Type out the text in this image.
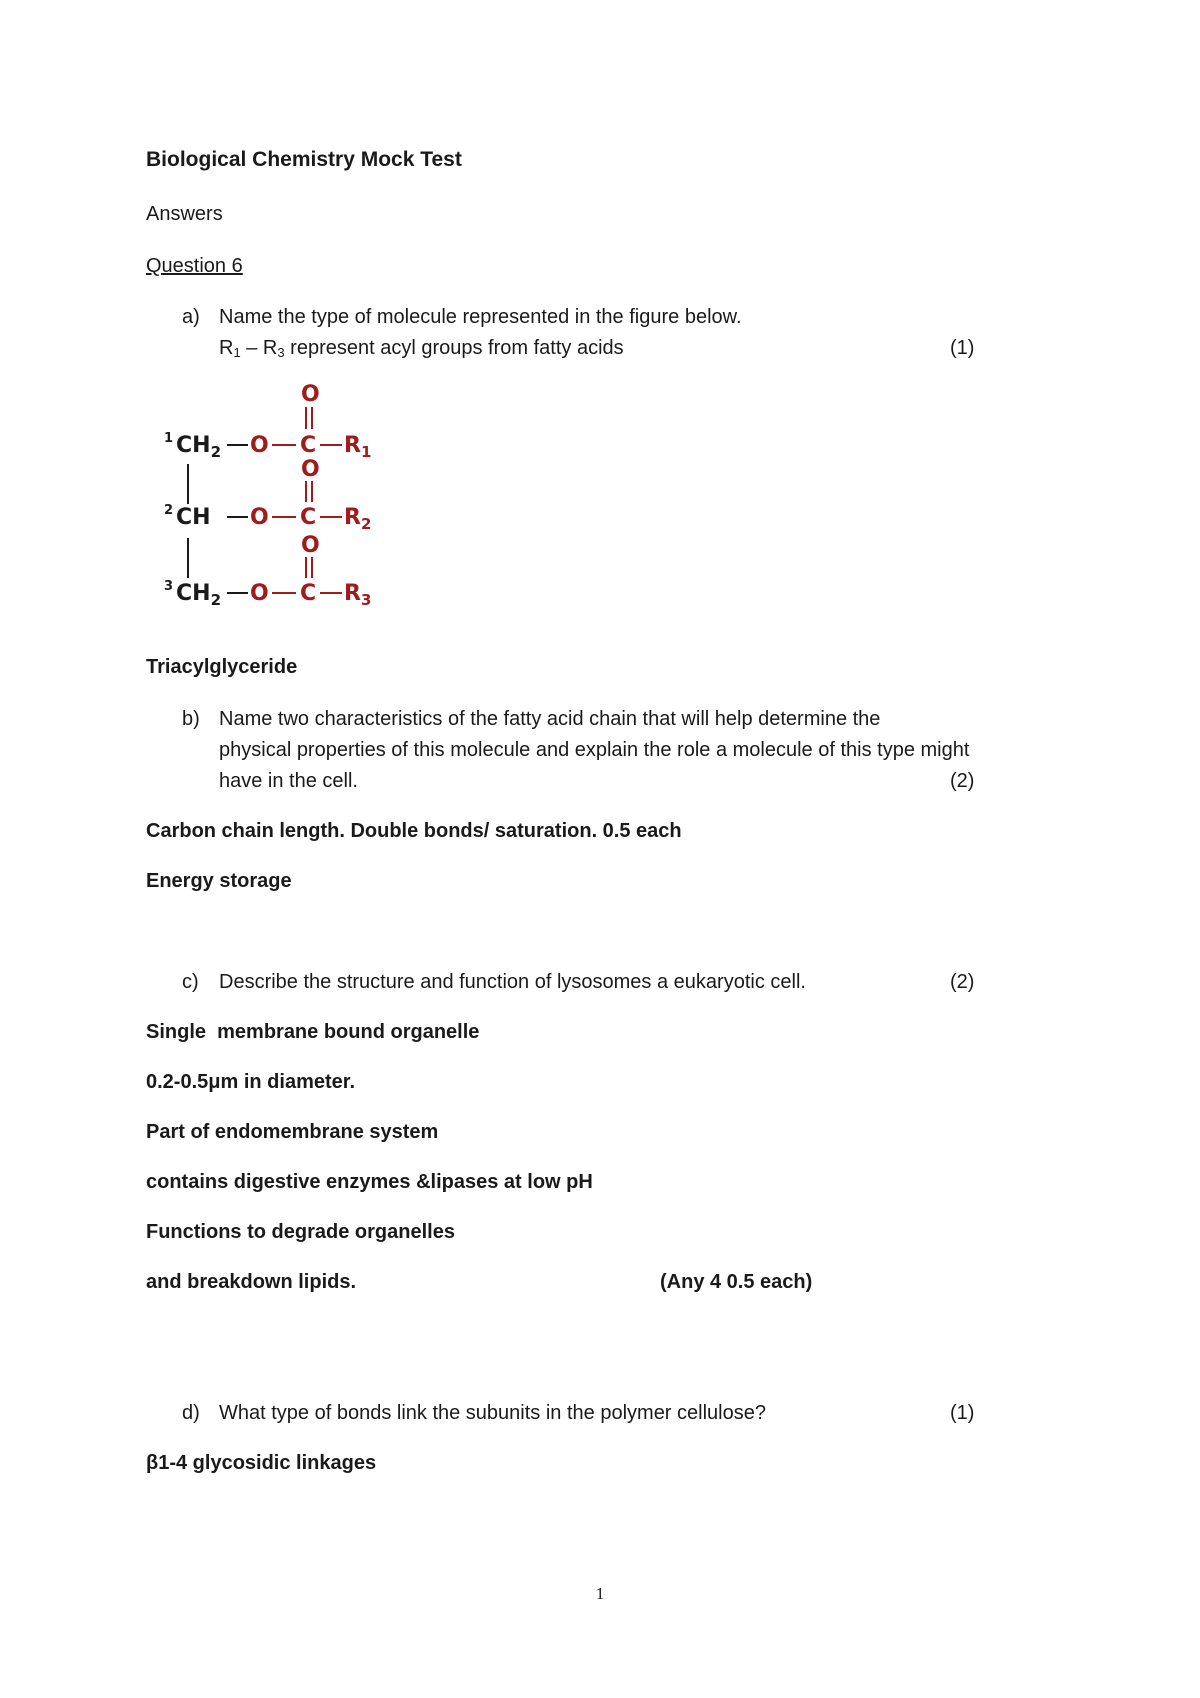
Biological Chemistry Mock Test
Answers
Question 6
a) Name the type of molecule represented in the figure below.
$R_1 - R_3$ represent acyl groups from fatty acids	(1)
1 $CH_2$ O C $R_1$
O
2 CH O C $R_2$
O
3 $CH_2$ O C $R_3$
O
Triacylglyceride
b) Name two characteristics of the fatty acid chain that will help determine the
physical properties of this molecule and explain the role a molecule of this type might
have in the cell.	(2)
Carbon chain length. Double bonds/ saturation. 0.5 each
Energy storage
c) Describe the structure and function of lysosomes a eukaryotic cell.	(2)
Single  membrane bound organelle
0.2-0.5μm in diameter.
Part of endomembrane system
contains digestive enzymes &lipases at low pH
Functions to degrade organelles
and breakdown lipids.	(Any 4 0.5 each)
d) What type of bonds link the subunits in the polymer cellulose?	(1)
β1-4 glycosidic linkages
1
